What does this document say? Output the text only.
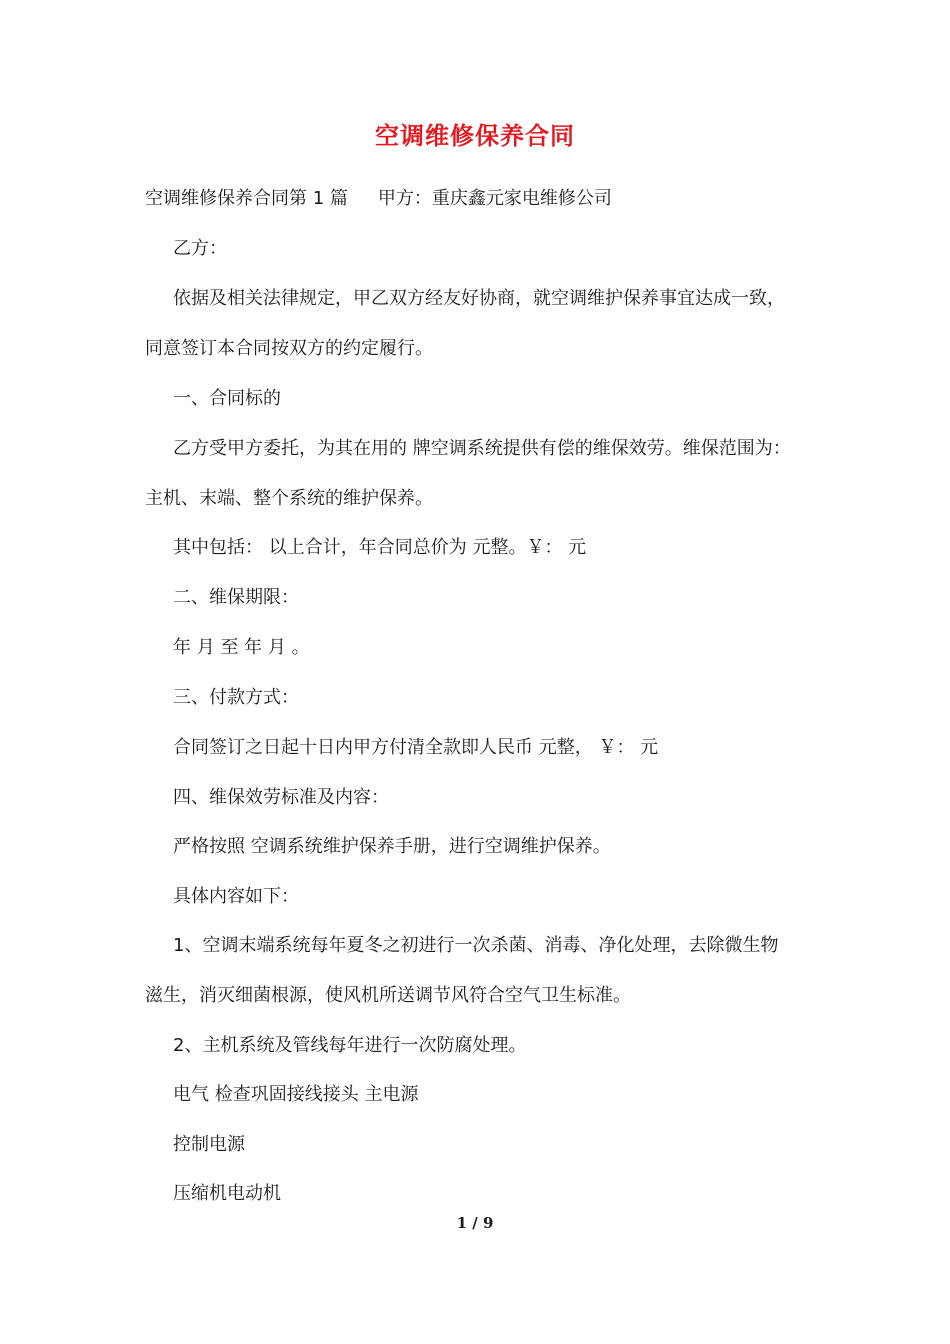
空调维修保养合同
空调维修保养合同第 1 篇 甲方：重庆鑫元家电维修公司
乙方：
依据及相关法律规定，甲乙双方经友好协商，就空调维护保养事宜达成一致，
同意签订本合同按双方的约定履行。
一、合同标的
乙方受甲方委托，为其在用的 牌空调系统提供有偿的维保效劳。维保范围为：
主机、末端、整个系统的维护保养。
其中包括： 以上合计，年合同总价为 元整。￥： 元
二、维保期限：
年 月 至 年 月 。
三、付款方式：
合同签订之日起十日内甲方付清全款即人民币 元整， ￥： 元
四、维保效劳标准及内容：
严格按照 空调系统维护保养手册，进行空调维护保养。
具体内容如下：
1、空调末端系统每年夏冬之初进行一次杀菌、消毒、净化处理，去除微生物
滋生，消灭细菌根源，使风机所送调节风符合空气卫生标准。
2、主机系统及管线每年进行一次防腐处理。
电气 检查巩固接线接头 主电源
控制电源
压缩机电动机
1 / 9
